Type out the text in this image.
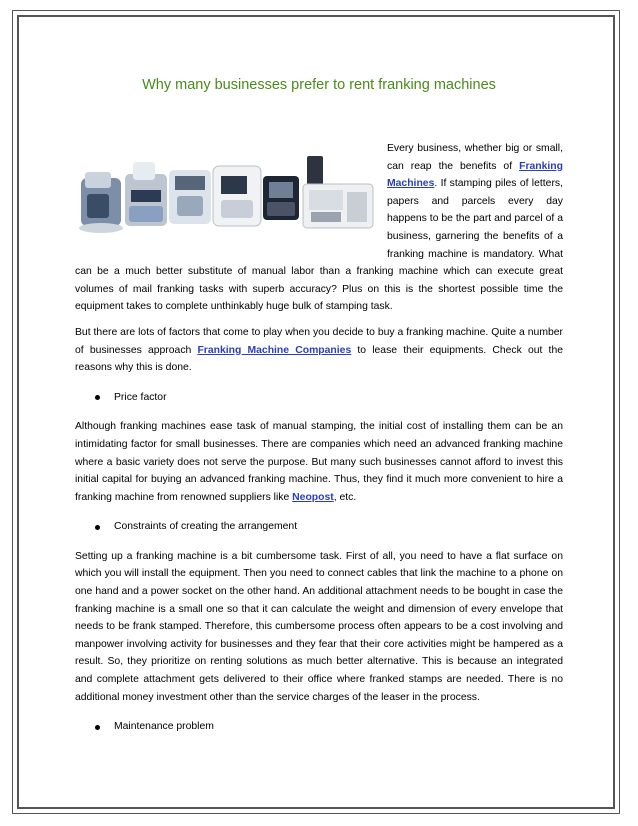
Why many businesses prefer to rent franking machines

Every business, whether big or small, can reap the benefits of Franking Machines. If stamping piles of letters, papers and parcels every day happens to be the part and parcel of a business, garnering the benefits of a franking machine is mandatory. What can be a much better substitute of manual labor than a franking machine which can execute great volumes of mail franking tasks with superb accuracy? Plus on this is the shortest possible time the equipment takes to complete unthinkably huge bulk of stamping task.

But there are lots of factors that come to play when you decide to buy a franking machine. Quite a number of businesses approach Franking Machine Companies to lease their equipments. Check out the reasons why this is done.

Price factor

Although franking machines ease task of manual stamping, the initial cost of installing them can be an intimidating factor for small businesses. There are companies which need an advanced franking machine where a basic variety does not serve the purpose. But many such businesses cannot afford to invest this initial capital for buying an advanced franking machine. Thus, they find it much more convenient to hire a franking machine from renowned suppliers like Neopost, etc.

Constraints of creating the arrangement

Setting up a franking machine is a bit cumbersome task. First of all, you need to have a flat surface on which you will install the equipment. Then you need to connect cables that link the machine to a phone on one hand and a power socket on the other hand. An additional attachment needs to be bought in case the franking machine is a small one so that it can calculate the weight and dimension of every envelope that needs to be frank stamped. Therefore, this cumbersome process often appears to be a cost involving and manpower involving activity for businesses and they fear that their core activities might be hampered as a result. So, they prioritize on renting solutions as much better alternative. This is because an integrated and complete attachment gets delivered to their office where franked stamps are needed. There is no additional money investment other than the service charges of the leaser in the process.

Maintenance problem
